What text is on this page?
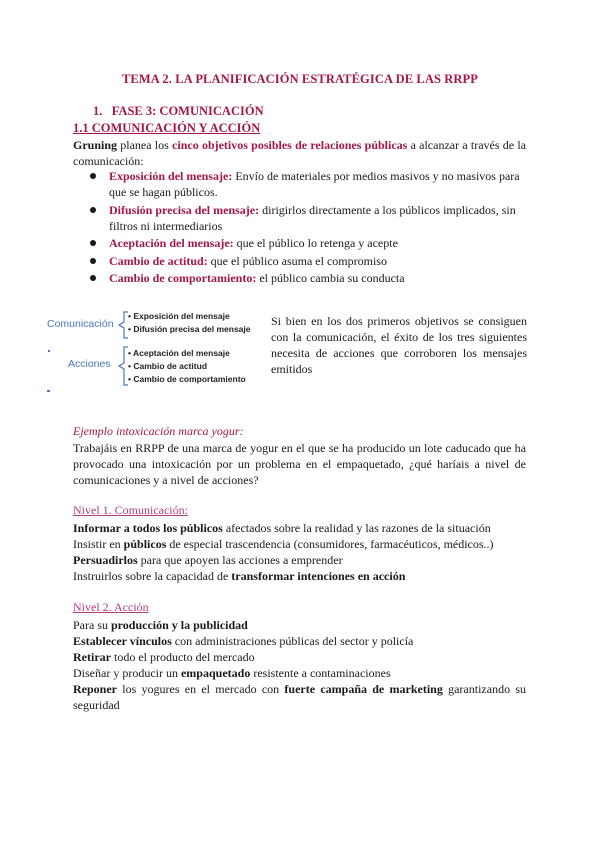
TEMA 2. LA PLANIFICACIÓN ESTRATÉGICA DE LAS RRPP
1. FASE 3: COMUNICACIÓN
1.1 COMUNICACIÓN Y ACCIÓN
Gruning planea los cinco objetivos posibles de relaciones públicas a alcanzar a través de la comunicación:
Exposición del mensaje: Envío de materiales por medios masivos y no masivos para que se hagan públicos.
Difusión precisa del mensaje: dirigirlos directamente a los públicos implicados, sin filtros ni intermediarios
Aceptación del mensaje: que el público lo retenga y acepte
Cambio de actitud: que el público asuma el compromiso
Cambio de comportamiento: el público cambia su conducta
Comunicación
• Exposición del mensaje
• Difusión precisa del mensaje
Acciones
• Aceptación del mensaje
• Cambio de actitud
• Cambio de comportamiento
Si bien en los dos primeros objetivos se consiguen con la comunicación, el éxito de los tres siguientes necesita de acciones que corroboren los mensajes emitidos
Ejemplo intoxicación marca yogur:
Trabajáis en RRPP de una marca de yogur en el que se ha producido un lote caducado que ha provocado una intoxicación por un problema en el empaquetado, ¿qué haríais a nivel de comunicaciones y a nivel de acciones?
Nivel 1. Comunicación:
Informar a todos los públicos afectados sobre la realidad y las razones de la situación
Insistir en públicos de especial trascendencia (consumidores, farmacéuticos, médicos..)
Persuadirlos para que apoyen las acciones a emprender
Instruirlos sobre la capacidad de transformar intenciones en acción
Nivel 2. Acción
Para su producción y la publicidad
Establecer vínculos con administraciones públicas del sector y policía
Retirar todo el producto del mercado
Diseñar y producir un empaquetado resistente a contaminaciones
Reponer los yogures en el mercado con fuerte campaña de marketing garantizando su seguridad
